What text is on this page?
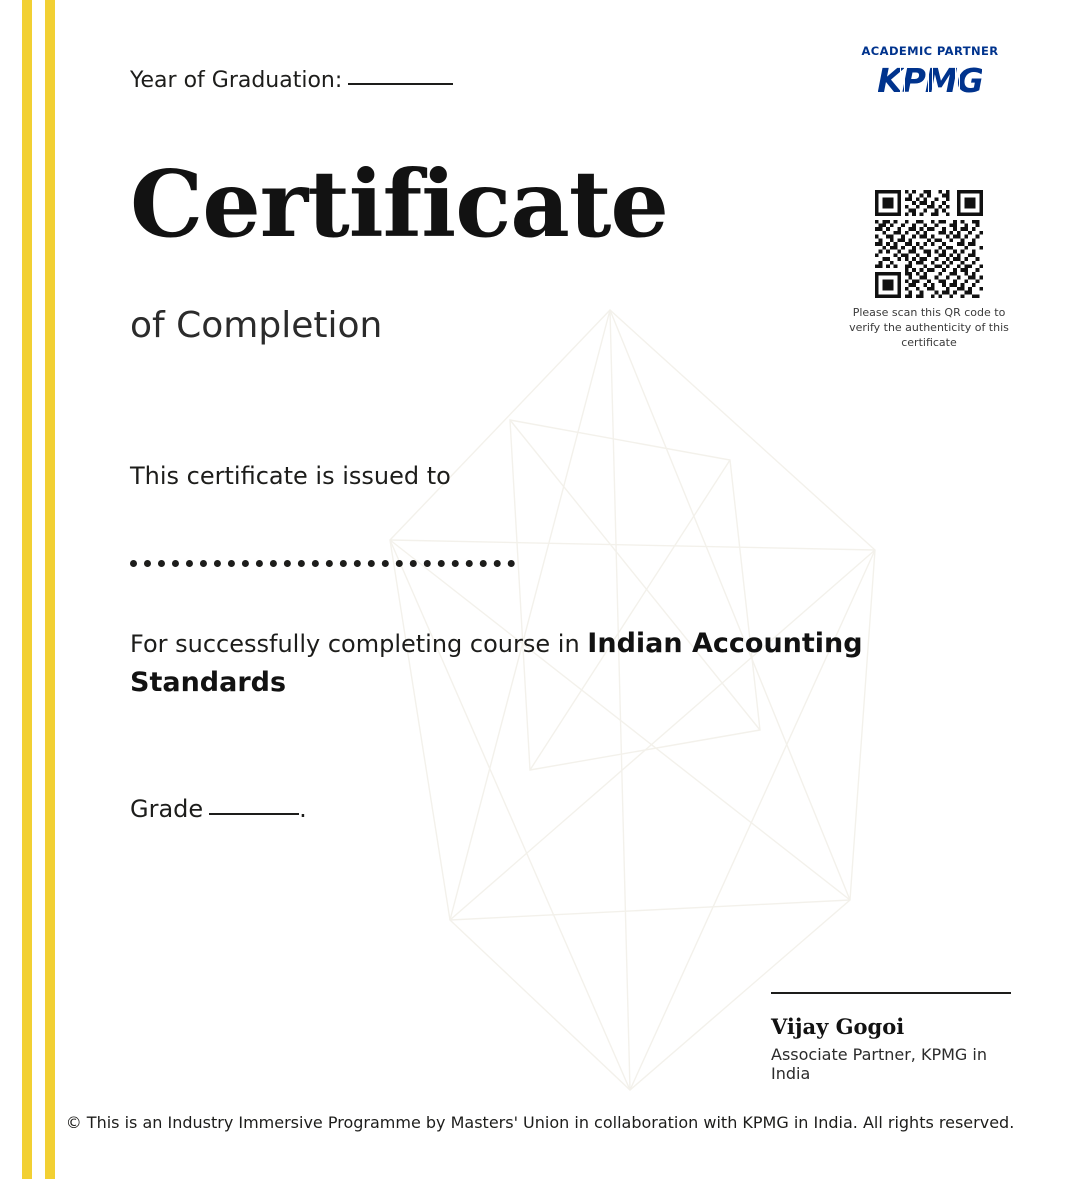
Year of Graduation:
Certificate
of Completion
This certificate is issued to
For successfully completing course in Indian Accounting Standards
Grade	.
ACADEMIC PARTNER
KPMG
Please scan this QR code to verify the authenticity of this certificate
Vijay Gogoi
Associate Partner, KPMG in India
© This is an Industry Immersive Programme by Masters' Union in collaboration with KPMG in India. All rights reserved.
